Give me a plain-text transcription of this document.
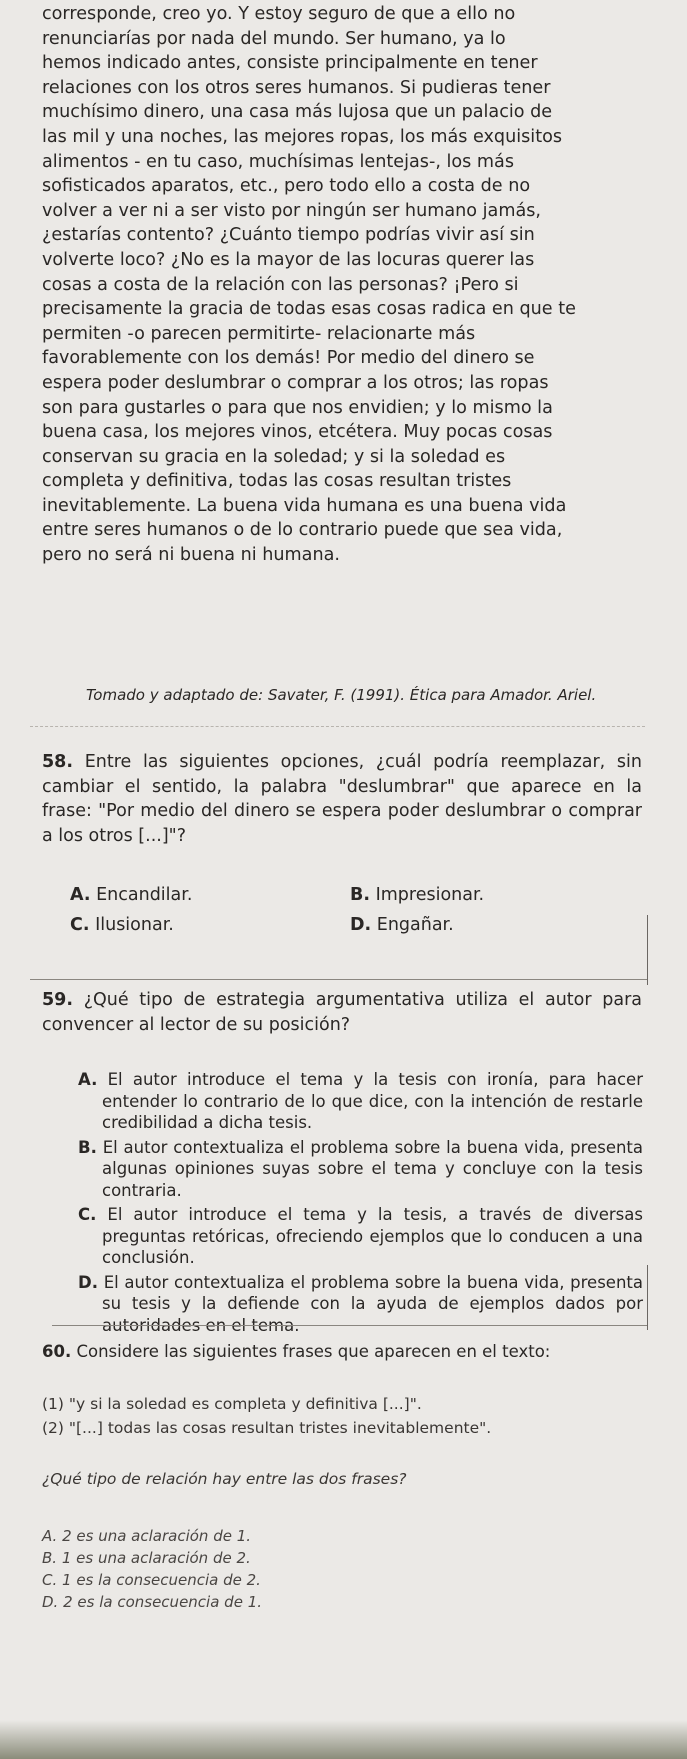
corresponde, creo yo. Y estoy seguro de que a ello no

renunciarías por nada del mundo. Ser humano, ya lo

hemos indicado antes, consiste principalmente en tener

relaciones con los otros seres humanos. Si pudieras tener

muchísimo dinero, una casa más lujosa que un palacio de

las mil y una noches, las mejores ropas, los más exquisitos

alimentos - en tu caso, muchísimas lentejas-, los más

sofisticados aparatos, etc., pero todo ello a costa de no

volver a ver ni a ser visto por ningún ser humano jamás,

¿estarías contento? ¿Cuánto tiempo podrías vivir así sin

volverte loco? ¿No es la mayor de las locuras querer las

cosas a costa de la relación con las personas? ¡Pero si

precisamente la gracia de todas esas cosas radica en que te

permiten -o parecen permitirte- relacionarte más

favorablemente con los demás! Por medio del dinero se

espera poder deslumbrar o comprar a los otros; las ropas

son para gustarles o para que nos envidien; y lo mismo la

buena casa, los mejores vinos, etcétera. Muy pocas cosas

conservan su gracia en la soledad; y si la soledad es

completa y definitiva, todas las cosas resultan tristes

inevitablemente. La buena vida humana es una buena vida

entre seres humanos o de lo contrario puede que sea vida,

pero no será ni buena ni humana.

Tomado y adaptado de: Savater, F. (1991). Ética para Amador. Ariel.

58. Entre las siguientes opciones, ¿cuál podría reemplazar, sin cambiar el sentido, la palabra "deslumbrar" que aparece en la frase: "Por medio del dinero se espera poder deslumbrar o comprar a los otros [...]"?

A. Encandilar.	B. Impresionar.
C. Ilusionar.	D. Engañar.

59. ¿Qué tipo de estrategia argumentativa utiliza el autor para convencer al lector de su posición?

A. El autor introduce el tema y la tesis con ironía, para hacer entender lo contrario de lo que dice, con la intención de restarle credibilidad a dicha tesis.

B. El autor contextualiza el problema sobre la buena vida, presenta algunas opiniones suyas sobre el tema y concluye con la tesis contraria.

C. El autor introduce el tema y la tesis, a través de diversas preguntas retóricas, ofreciendo ejemplos que lo conducen a una conclusión.

D. El autor contextualiza el problema sobre la buena vida, presenta su tesis y la defiende con la ayuda de ejemplos dados por autoridades en el tema.

60. Considere las siguientes frases que aparecen en el texto:
(1) "y si la soledad es completa y definitiva [...]".
(2) "[...] todas las cosas resultan tristes inevitablemente".
¿Qué tipo de relación hay entre las dos frases?
A. 2 es una aclaración de 1.
B. 1 es una aclaración de 2.
C. 1 es la consecuencia de 2.
D. 2 es la consecuencia de 1.
